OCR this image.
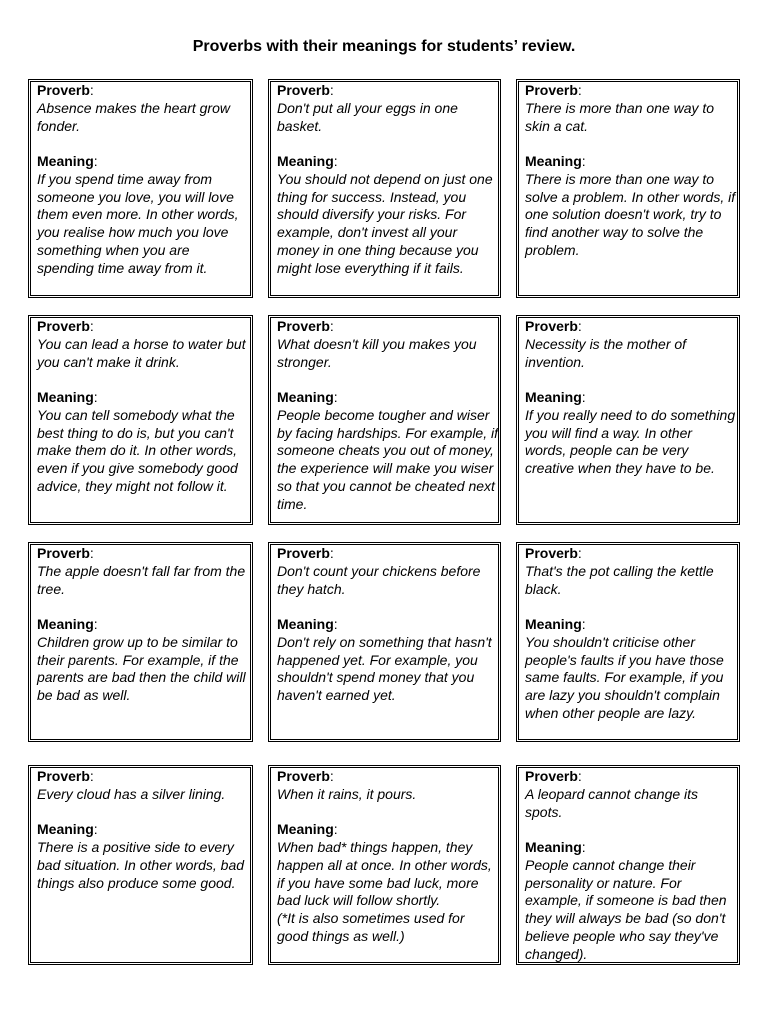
Proverbs with their meanings for students’ review.
Proverb:
Absence makes the heart grow fonder.
Meaning:
If you spend time away from someone you love, you will love them even more. In other words, you realise how much you love something when you are spending time away from it.
Proverb:
Don't put all your eggs in one basket.
Meaning:
You should not depend on just one thing for success. Instead, you should diversify your risks. For example, don't invest all your money in one thing because you might lose everything if it fails.
Proverb:
There is more than one way to skin a cat.
Meaning:
There is more than one way to solve a problem. In other words, if one solution doesn't work, try to find another way to solve the problem.
Proverb:
You can lead a horse to water but you can't make it drink.
Meaning:
You can tell somebody what the best thing to do is, but you can't make them do it. In other words, even if you give somebody good advice, they might not follow it.
Proverb:
What doesn't kill you makes you stronger.
Meaning:
People become tougher and wiser by facing hardships. For example, if someone cheats you out of money, the experience will make you wiser so that you cannot be cheated next time.
Proverb:
Necessity is the mother of invention.
Meaning:
If you really need to do something you will find a way. In other words, people can be very creative when they have to be.
Proverb:
The apple doesn't fall far from the tree.
Meaning:
Children grow up to be similar to their parents. For example, if the parents are bad then the child will be bad as well.
Proverb:
Don't count your chickens before they hatch.
Meaning:
Don't rely on something that hasn't happened yet. For example, you shouldn't spend money that you haven't earned yet.
Proverb:
That's the pot calling the kettle black.
Meaning:
You shouldn't criticise other people's faults if you have those same faults. For example, if you are lazy you shouldn't complain when other people are lazy.
Proverb:
Every cloud has a silver lining.
Meaning:
There is a positive side to every bad situation. In other words, bad things also produce some good.
Proverb:
When it rains, it pours.
Meaning:
When bad* things happen, they happen all at once. In other words, if you have some bad luck, more bad luck will follow shortly.
(*It is also sometimes used for good things as well.)
Proverb:
A leopard cannot change its spots.
Meaning:
People cannot change their personality or nature. For example, if someone is bad then they will always be bad (so don't believe people who say they've changed).
